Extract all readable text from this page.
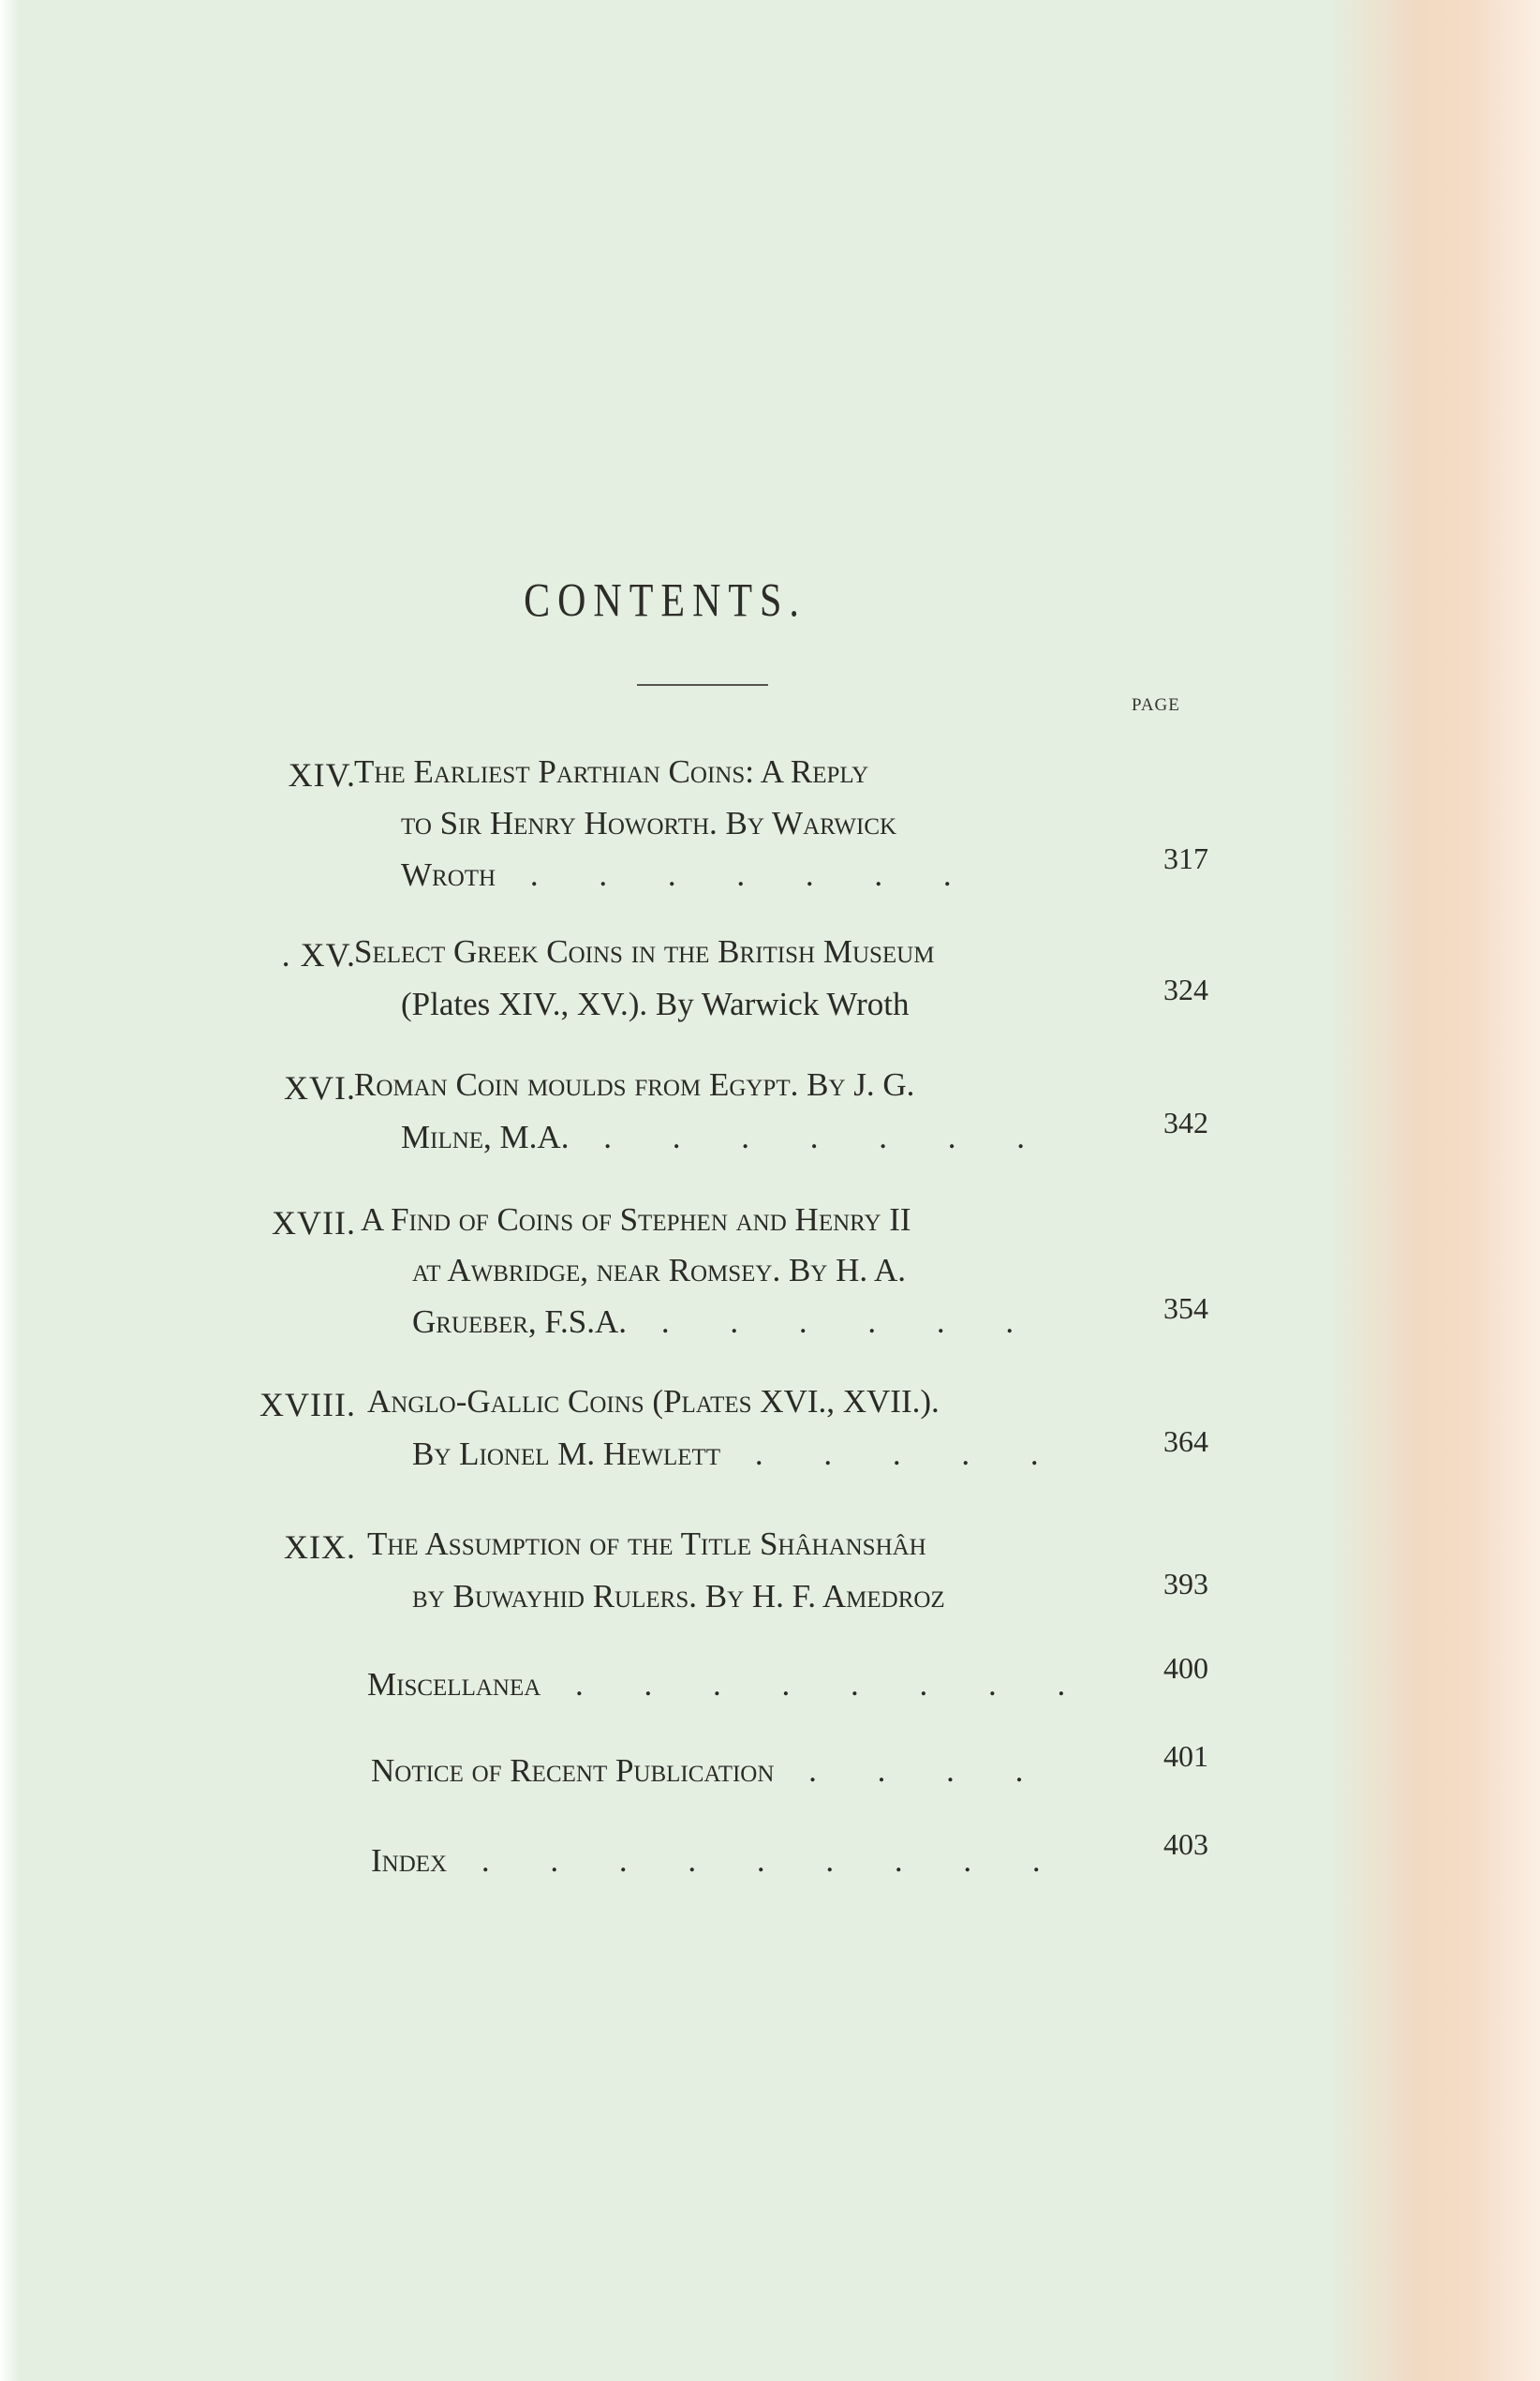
CONTENTS.
PAGE
XIV.
The Earliest Parthian Coins: A Reply
to Sir Henry Howorth. By Warwick
Wroth . . . . . . .	317
. XV.
Select Greek Coins in the British Museum
(Plates XIV., XV.). By Warwick Wroth	324
XVI.
Roman Coin moulds from Egypt. By J. G.
Milne, M.A. . . . . . . .	342
XVII. A Find of Coins of Stephen and Henry II
at Awbridge, near Romsey. By H. A.
Grueber, F.S.A. . . . . . .	354
XVIII. Anglo-Gallic Coins (Plates XVI., XVII.).
By Lionel M. Hewlett . . . . .	364
XIX. The Assumption of the Title Shâhanshâh
by Buwayhid Rulers. By H. F. Amedroz	393
Miscellanea . . . . . . . . 400
Notice of Recent Publication . . . .	401
Index . . . . . . . . .	403
